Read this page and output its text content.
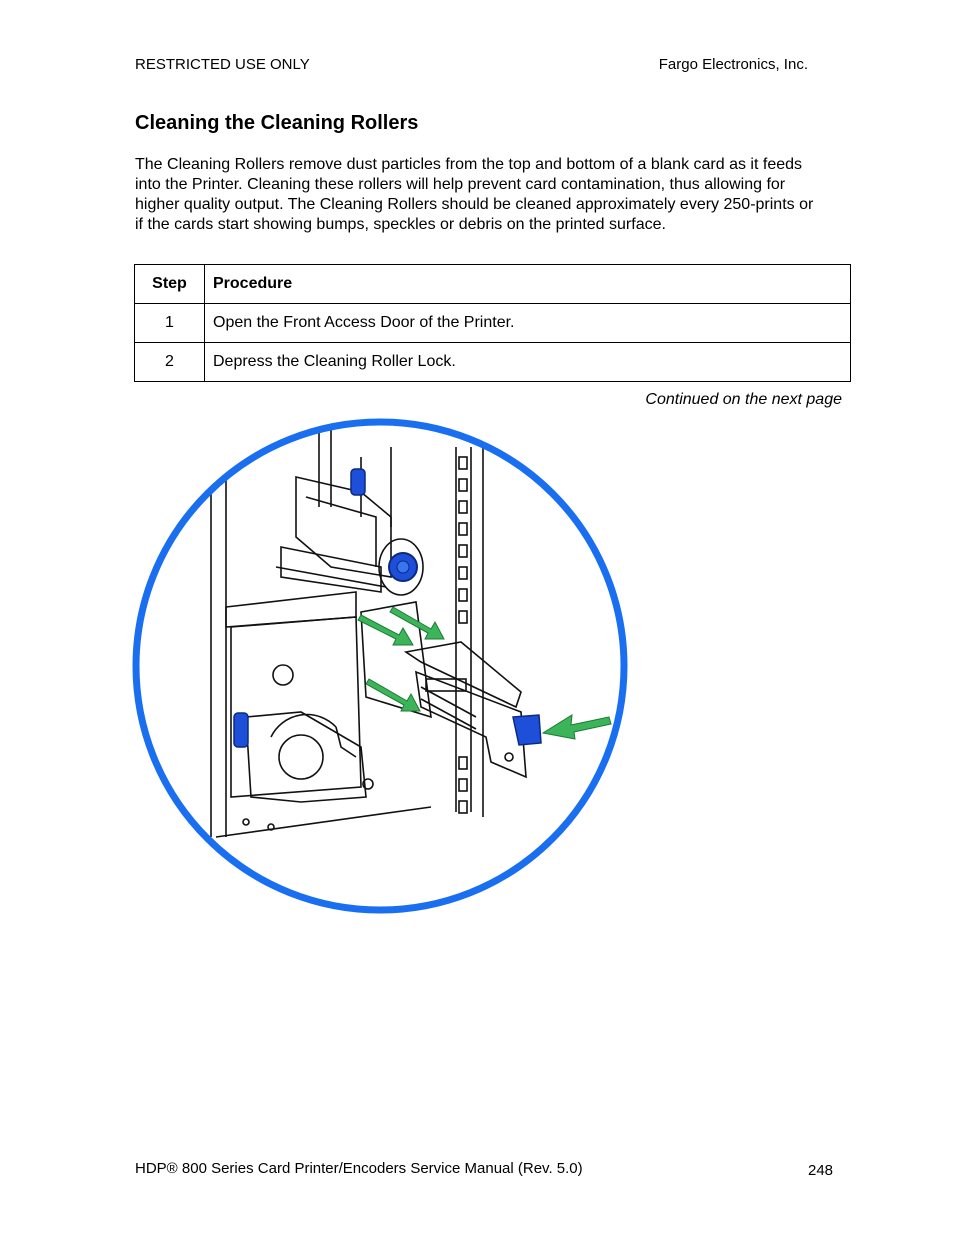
RESTRICTED USE ONLY	Fargo Electronics, Inc.
Cleaning the Cleaning Rollers

The Cleaning Rollers remove dust particles from the top and bottom of a blank card as it feeds into the Printer. Cleaning these rollers will help prevent card contamination, thus allowing for higher quality output. The Cleaning Rollers should be cleaned approximately every 250-prints or if the cards start showing bumps, speckles or debris on the printed surface.

Step	Procedure
1	Open the Front Access Door of the Printer.
2	Depress the Cleaning Roller Lock.
Continued on the next page
HDP® 800 Series Card Printer/Encoders Service Manual (Rev. 5.0)	248
